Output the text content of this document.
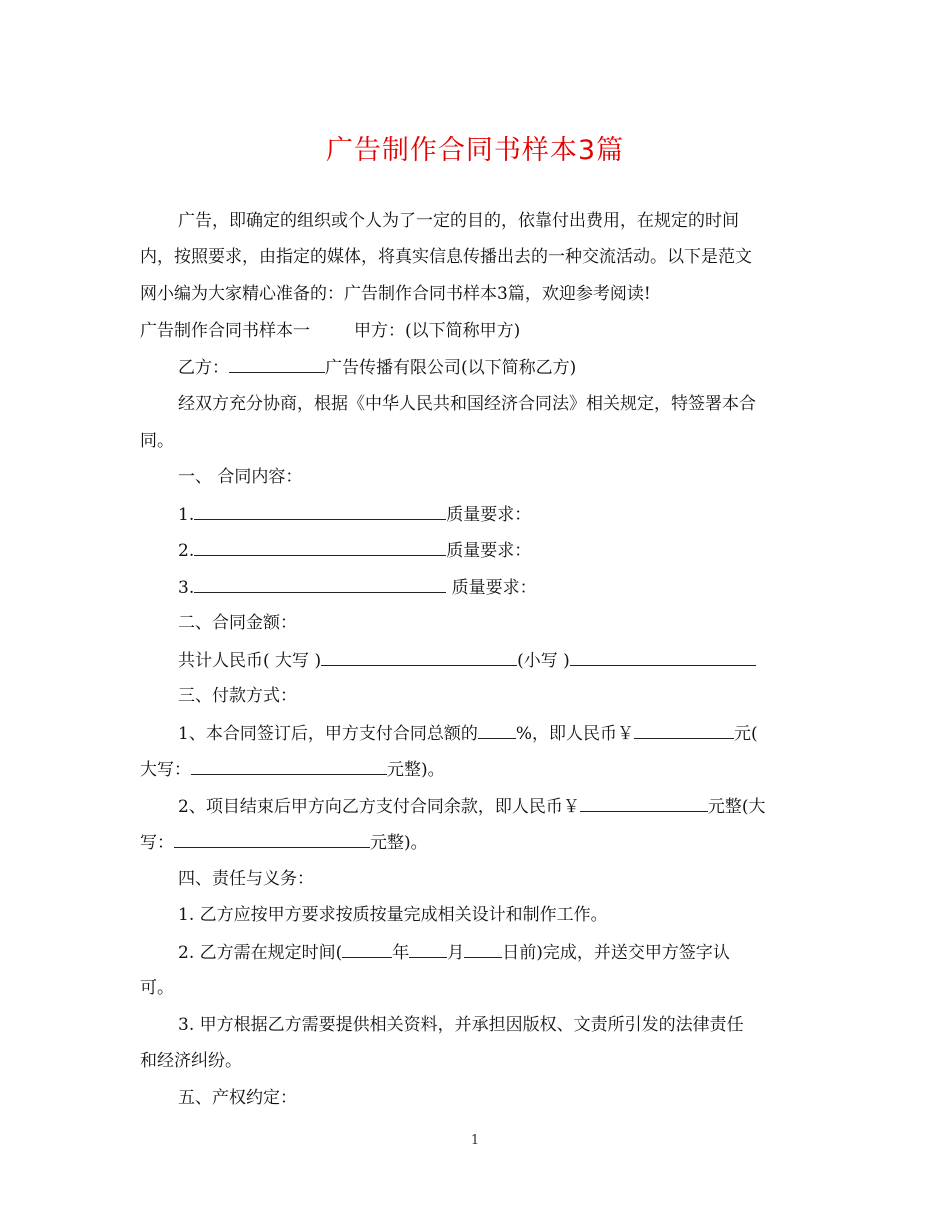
广告制作合同书样本3篇
广告，即确定的组织或个人为了一定的目的，依靠付出费用，在规定的时间
内，按照要求，由指定的媒体，将真实信息传播出去的一种交流活动。以下是范文
网小编为大家精心准备的：广告制作合同书样本3篇，欢迎参考阅读!
广告制作合同书样本一	甲方：(以下简称甲方)
乙方：	广告传播有限公司(以下简称乙方)
经双方充分协商，根据《中华人民共和国经济合同法》相关规定，特签署本合
同。
一、 合同内容：
1.	质量要求：
2.	质量要求：
3.	质量要求：
二、合同金额：
共计人民币( 大写 )	(小写 )
三、付款方式：
1、本合同签订后，甲方支付合同总额的 %，即人民币￥	元(
大写：	元整)。
2、项目结束后甲方向乙方支付合同余款，即人民币￥	元整(大
写：	元整)。
四、责任与义务：
1. 乙方应按甲方要求按质按量完成相关设计和制作工作。
2. 乙方需在规定时间(	年 月 日前)完成，并送交甲方签字认
可。
3. 甲方根据乙方需要提供相关资料，并承担因版权、文责所引发的法律责任
和经济纠纷。
五、产权约定：
1
